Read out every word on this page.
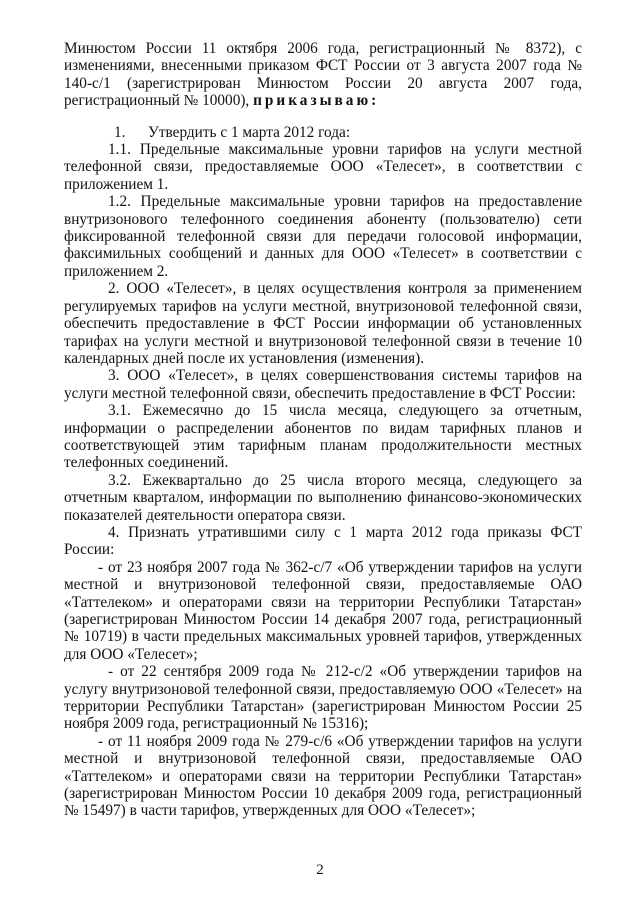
Минюстом России 11 октября 2006 года, регистрационный № 8372), с изменениями, внесенными приказом ФСТ России от 3 августа 2007 года № 140-с/1 (зарегистрирован Минюстом России 20 августа 2007 года, регистрационный № 10000), приказываю:

1. Утвердить с 1 марта 2012 года:

1.1. Предельные максимальные уровни тарифов на услуги местной телефонной связи, предоставляемые ООО «Телесет», в соответствии с приложением 1.

1.2. Предельные максимальные уровни тарифов на предоставление внутризонового телефонного соединения абоненту (пользователю) сети фиксированной телефонной связи для передачи голосовой информации, факсимильных сообщений и данных для ООО «Телесет» в соответствии с приложением 2.

2. ООО «Телесет», в целях осуществления контроля за применением регулируемых тарифов на услуги местной, внутризоновой телефонной связи, обеспечить предоставление в ФСТ России информации об установленных тарифах на услуги местной и внутризоновой телефонной связи в течение 10 календарных дней после их установления (изменения).

3. ООО «Телесет», в целях совершенствования системы тарифов на услуги местной телефонной связи, обеспечить предоставление в ФСТ России:

3.1. Ежемесячно до 15 числа месяца, следующего за отчетным, информации о распределении абонентов по видам тарифных планов и соответствующей этим тарифным планам продолжительности местных телефонных соединений.

3.2. Ежеквартально до 25 числа второго месяца, следующего за отчетным кварталом, информации по выполнению финансово-экономических показателей деятельности оператора связи.

4. Признать утратившими силу с 1 марта 2012 года приказы ФСТ России:

- от 23 ноября 2007 года № 362-с/7 «Об утверждении тарифов на услуги местной и внутризоновой телефонной связи, предоставляемые ОАО «Таттелеком» и операторами связи на территории Республики Татарстан» (зарегистрирован Минюстом России 14 декабря 2007 года, регистрационный № 10719) в части предельных максимальных уровней тарифов, утвержденных для ООО «Телесет»;

- от 22 сентября 2009 года № 212-с/2 «Об утверждении тарифов на услугу внутризоновой телефонной связи, предоставляемую ООО «Телесет» на территории Республики Татарстан» (зарегистрирован Минюстом России 25 ноября 2009 года, регистрационный № 15316);

- от 11 ноября 2009 года № 279-с/6 «Об утверждении тарифов на услуги местной и внутризоновой телефонной связи, предоставляемые ОАО «Таттелеком» и операторами связи на территории Республики Татарстан» (зарегистрирован Минюстом России 10 декабря 2009 года, регистрационный № 15497) в части тарифов, утвержденных для ООО «Телесет»;

2
